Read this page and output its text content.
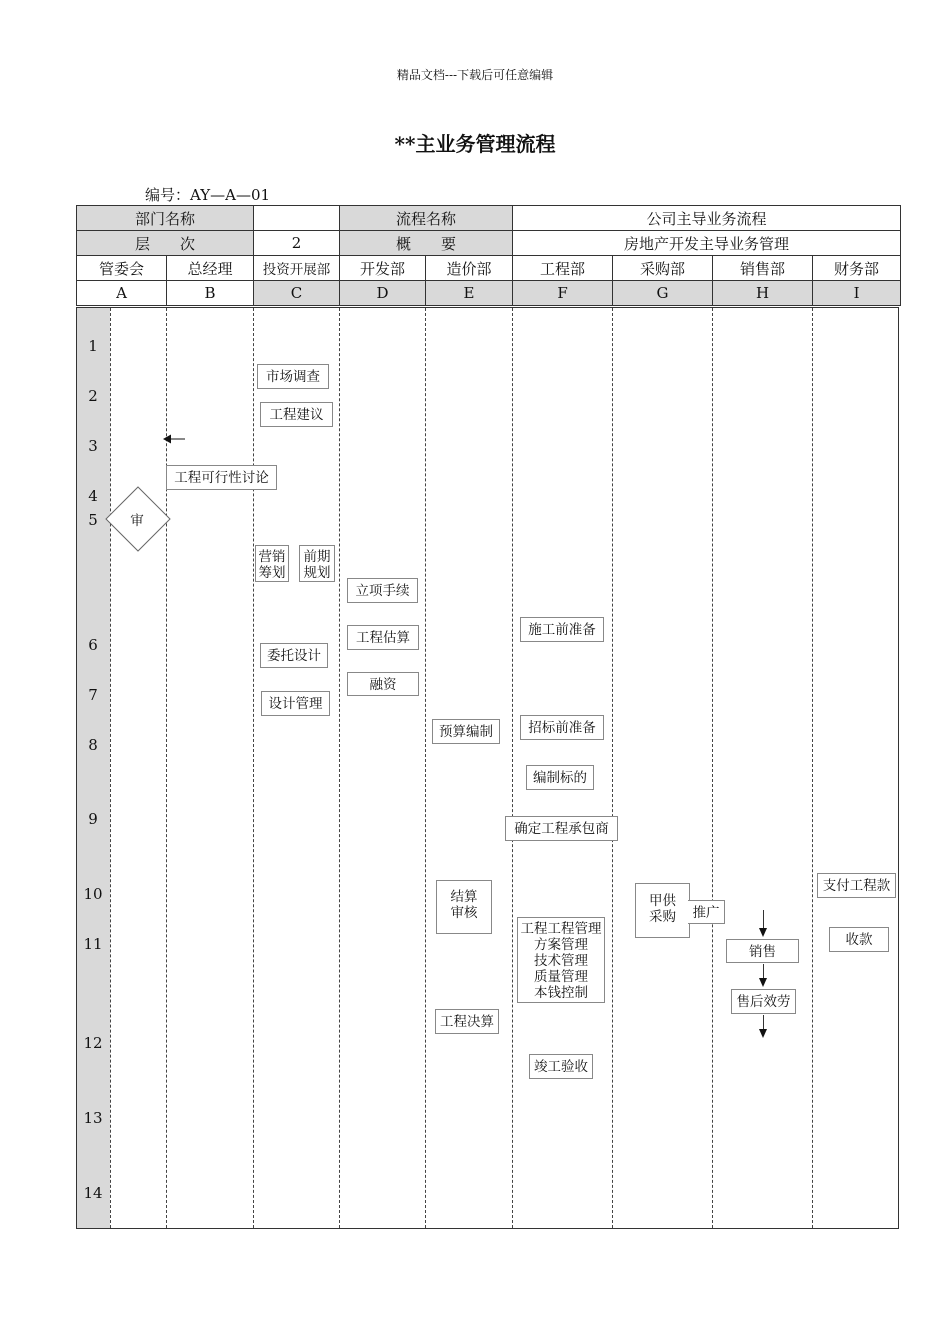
精品文档---下载后可任意编辑
**主业务管理流程
编号：AY—A—01
部门名称			流程名称		公司主导业务流程			
层　　次		2	概　　要		房地产开发主导业务管理			
管委会	总经理	投资开展部	开发部	造价部	工程部	采购部	销售部	财务部
A	B	C	D	E	F	G	H	I
1
2
3
4
5
6
7
8
9
10
11
12
13
14
审
市场调查
工程建议
工程可行性讨论
营销
筹划
前期
规划
委托设计
设计管理
立项手续
工程估算
融资
预算编制
结算
审核
工程决算
施工前准备
招标前准备
编制标的
确定工程承包商
工程工程管理
方案管理
技术管理
质量管理
本钱控制
竣工验收
甲供
采购	推广
销售
售后效劳
支付工程款
收款
